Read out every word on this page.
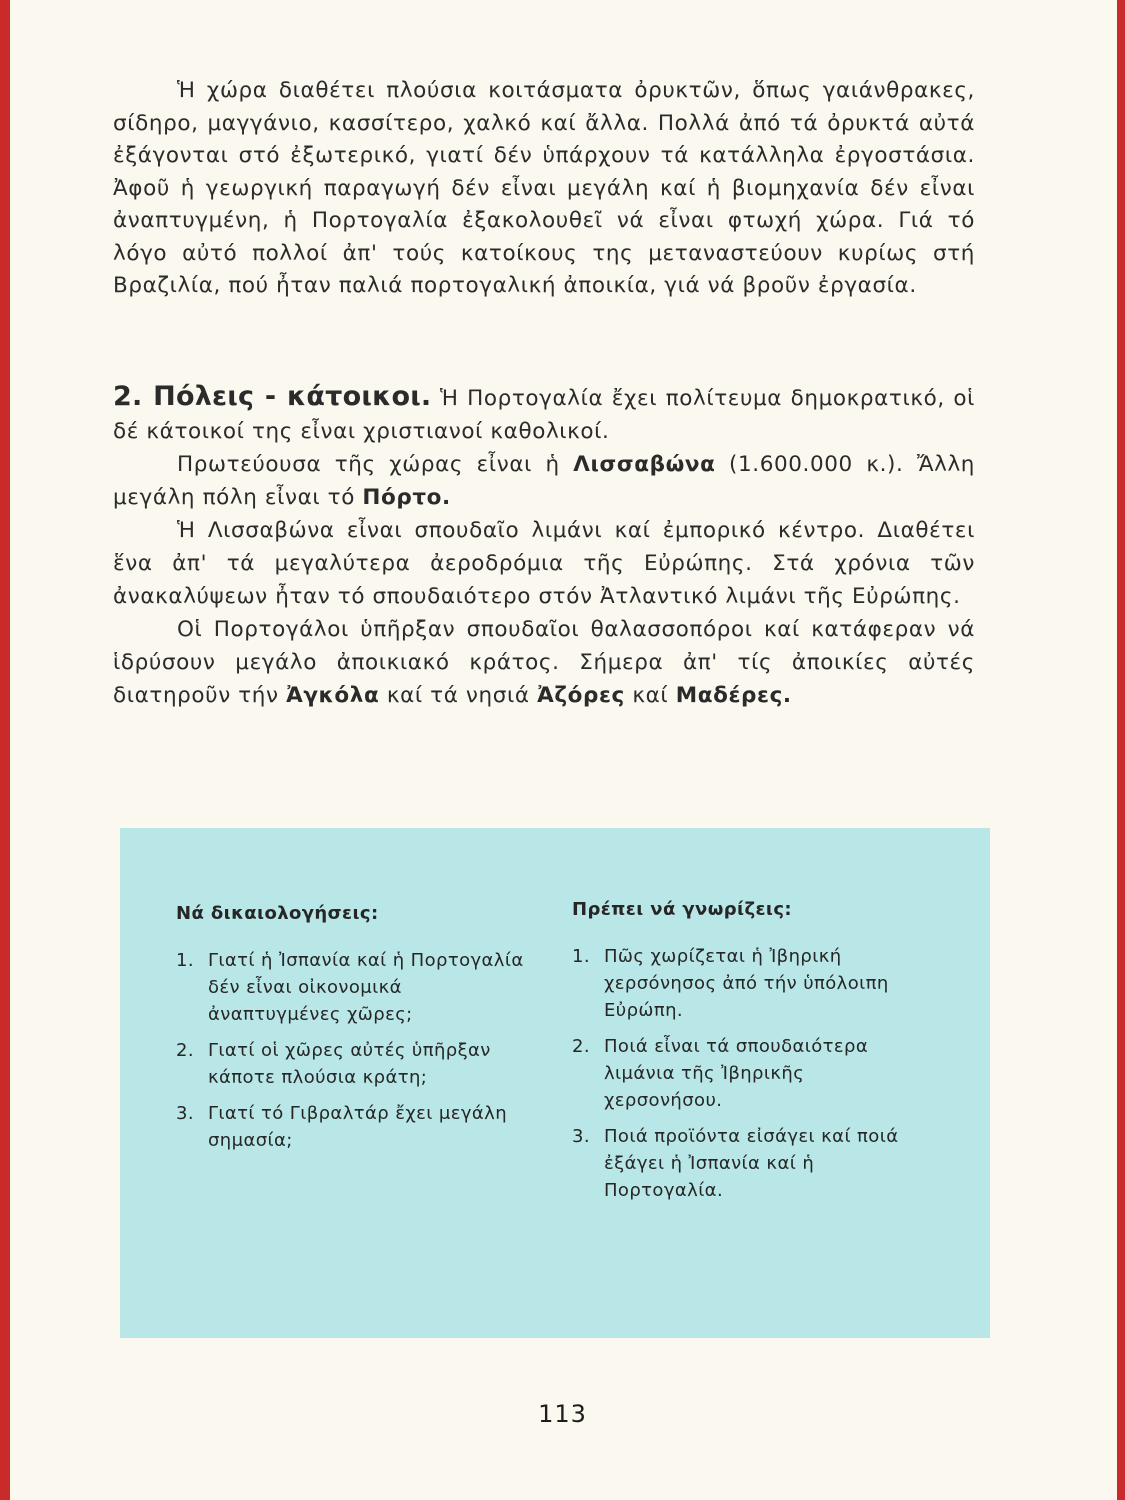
Ἡ χώρα διαθέτει πλούσια κοιτάσματα ὀρυκτῶν, ὅπως γαιάνθρακες, σίδηρο, μαγγάνιο, κασσίτερο, χαλκό καί ἄλλα. Πολλά ἀπό τά ὀρυκτά αὐτά ἐξάγονται στό ἐξωτερικό, γιατί δέν ὑπάρχουν τά κατάλληλα ἐργοστάσια. Ἀφοῦ ἡ γεωργική παραγωγή δέν εἶναι μεγάλη καί ἡ βιομηχανία δέν εἶναι ἀναπτυγμένη, ἡ Πορτογαλία ἐξακολουθεῖ νά εἶναι φτωχή χώρα. Γιά τό λόγο αὐτό πολλοί ἀπ' τούς κατοίκους της μεταναστεύουν κυρίως στή Βραζιλία, πού ἦταν παλιά πορτογαλική ἀποικία, γιά νά βροῦν ἐργασία.

2. Πόλεις - κάτοικοι. Ἡ Πορτογαλία ἔχει πολίτευμα δημοκρατικό, οἱ δέ κάτοικοί της εἶναι χριστιανοί καθολικοί.

Πρωτεύουσα τῆς χώρας εἶναι ἡ Λισσαβώνα (1.600.000 κ.). Ἄλλη μεγάλη πόλη εἶναι τό Πόρτο.

Ἡ Λισσαβώνα εἶναι σπουδαῖο λιμάνι καί ἐμπορικό κέντρο. Διαθέτει ἕνα ἀπ' τά μεγαλύτερα ἀεροδρόμια τῆς Εὐρώπης. Στά χρόνια τῶν ἀνακαλύψεων ἦταν τό σπουδαιότερο στόν Ἀτλαντικό λιμάνι τῆς Εὐρώπης.

Οἱ Πορτογάλοι ὑπῆρξαν σπουδαῖοι θαλασσοπόροι καί κατάφεραν νά ἱδρύσουν μεγάλο ἀποικιακό κράτος. Σήμερα ἀπ' τίς ἀποικίες αὐτές διατηροῦν τήν Ἀγκόλα καί τά νησιά Ἀζόρες καί Μαδέρες.

Νά δικαιολογήσεις:

1. Γιατί ἡ Ἰσπανία καί ἡ Πορτογαλία δέν εἶναι οἰκονομικά ἀναπτυγμένες χῶρες;

2. Γιατί οἱ χῶρες αὐτές ὑπῆρξαν κάποτε πλούσια κράτη;

3. Γιατί τό Γιβραλτάρ ἔχει μεγάλη σημασία;

Πρέπει νά γνωρίζεις:

1. Πῶς χωρίζεται ἡ Ἰβηρική χερσόνησος ἀπό τήν ὑπόλοιπη Εὐρώπη.

2. Ποιά εἶναι τά σπουδαιότερα λιμάνια τῆς Ἰβηρικῆς χερσονήσου.

3. Ποιά προϊόντα εἰσάγει καί ποιά ἐξάγει ἡ Ἰσπανία καί ἡ Πορτογαλία.

113
